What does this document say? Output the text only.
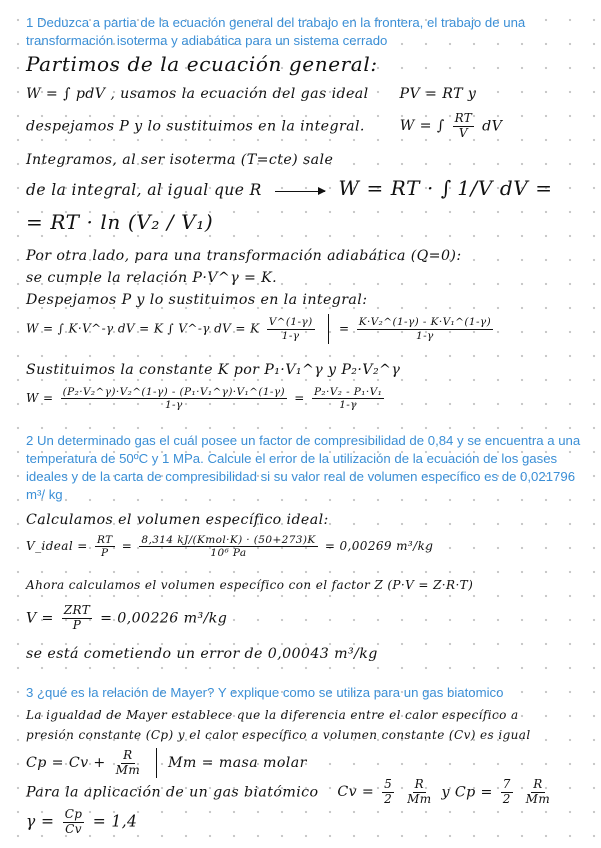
1 Deduzca a partia de la ecuación general del trabajo en la frontera, el trabajo de una transformación isoterma y adiabática para un sistema cerrado
Partimos de la ecuación general:
W = ∫ pdV , usamos la ecuación del gas ideal PV = RT y
despejamos P y lo sustituimos en la integral. W = ∫ $\frac{RT}{V}$ dV
Integramos, al ser isoterma (T=cte) sale
de la integral, al igual que R	W = RT · ∫ 1/V dV =
= RT · ln (V₂ / V₁)
Por otra lado, para una transformación adiabática (Q=0):
se cumple la relación P·V^γ = K.
Despejamos P y lo sustituimos en la integral:
W = ∫ K·V^-γ dV = K ∫ V^-γ dV = K $\frac{V\^{}(1-\gamma)}{1-\gamma} = \frac{\text{K·V₂\textasciicircum{}(1-γ) - K·V₁\textasciicircum{}(1-γ)}}{1-\gamma}$
Sustituimos la constante K por P₁·V₁^γ y P₂·V₂^γ
$W = \frac{\text{(P₂·V₂\textasciicircum{}γ)·V₂\textasciicircum{}(1-γ) - (P₁·V₁\textasciicircum{}γ)·V₁\textasciicircum{}(1-γ)}}{1-\gamma} = \frac{\text{P₂·V₂ - P₁·V₁}}{1-\gamma}$
2 Un determinado gas el cuál posee un factor de compresibilidad de 0,84 y se encuentra a una temperatura de 50ºC y 1 MPa. Calcule el error de la utilización de la ecuación de los gases ideales y de la carta de compresibilidad si su valor real de volumen específico es de 0,021796 m³/ kg
Calculamos el volumen específico ideal:
V_ideal = $\frac{RT}{P} = \frac{\text{8,314 kJ/(Kmol·K) · (50+273)K}}{\text{10⁶ Pa}} = 0,00269$ m³/kg
Ahora calculamos el volumen específico con el factor Z (P·V = Z·R·T)
$V = \frac{\text{ZRT}}{P} = 0,00226$ m³/kg
se está cometiendo un error de 0,00043 m³/kg
3 ¿qué es la relación de Mayer? Y explique como se utiliza para un gas biatomico
La igualdad de Mayer establece que la diferencia entre el calor específico a
presión constante (Cp) y el calor específico a volumen constante (Cv) es igual
$Cp = Cv + \frac{R}{Mm}$ Mm = masa molar
Para la aplicación de un gas biatómico $Cv = \frac{5}{2}$
$\frac{R}{Mm}$ y $Cp = \frac{7}{2}$
$\frac{R}{Mm}$
$\gamma = \frac{Cp}{Cv} = 1,4$
